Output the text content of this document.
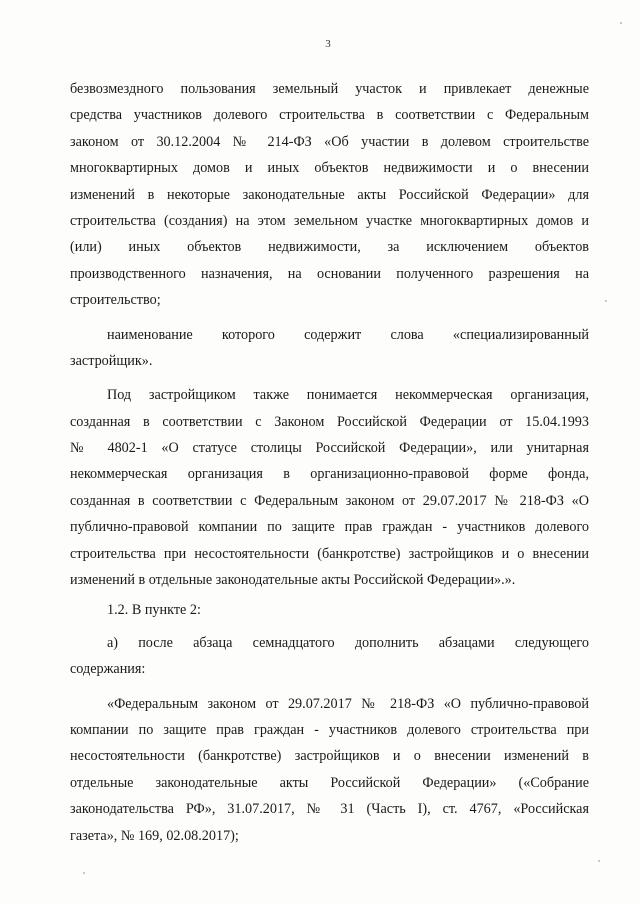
3
безвозмездного пользования земельный участок и привлекает денежные
средства участников долевого строительства в соответствии с Федеральным
законом от 30.12.2004 № 214-ФЗ «Об участии в долевом строительстве
многоквартирных домов и иных объектов недвижимости и о внесении
изменений в некоторые законодательные акты Российской Федерации» для
строительства (создания) на этом земельном участке многоквартирных домов и
(или) иных объектов недвижимости, за исключением объектов
производственного назначения, на основании полученного разрешения на
строительство;
наименование которого содержит слова «специализированный
застройщик».
Под застройщиком также понимается некоммерческая организация,
созданная в соответствии с Законом Российской Федерации от 15.04.1993
№ 4802-1 «О статусе столицы Российской Федерации», или унитарная
некоммерческая организация в организационно-правовой форме фонда,
созданная в соответствии с Федеральным законом от 29.07.2017 № 218-ФЗ «О
публично-правовой компании по защите прав граждан - участников долевого
строительства при несостоятельности (банкротстве) застройщиков и о внесении
изменений в отдельные законодательные акты Российской Федерации».».
1.2. В пункте 2:
а) после абзаца семнадцатого дополнить абзацами следующего
содержания:
«Федеральным законом от 29.07.2017 № 218-ФЗ «О публично-правовой
компании по защите прав граждан - участников долевого строительства при
несостоятельности (банкротстве) застройщиков и о внесении изменений в
отдельные законодательные акты Российской Федерации» («Собрание
законодательства РФ», 31.07.2017, № 31 (Часть I), ст. 4767, «Российская
газета», № 169, 02.08.2017);
